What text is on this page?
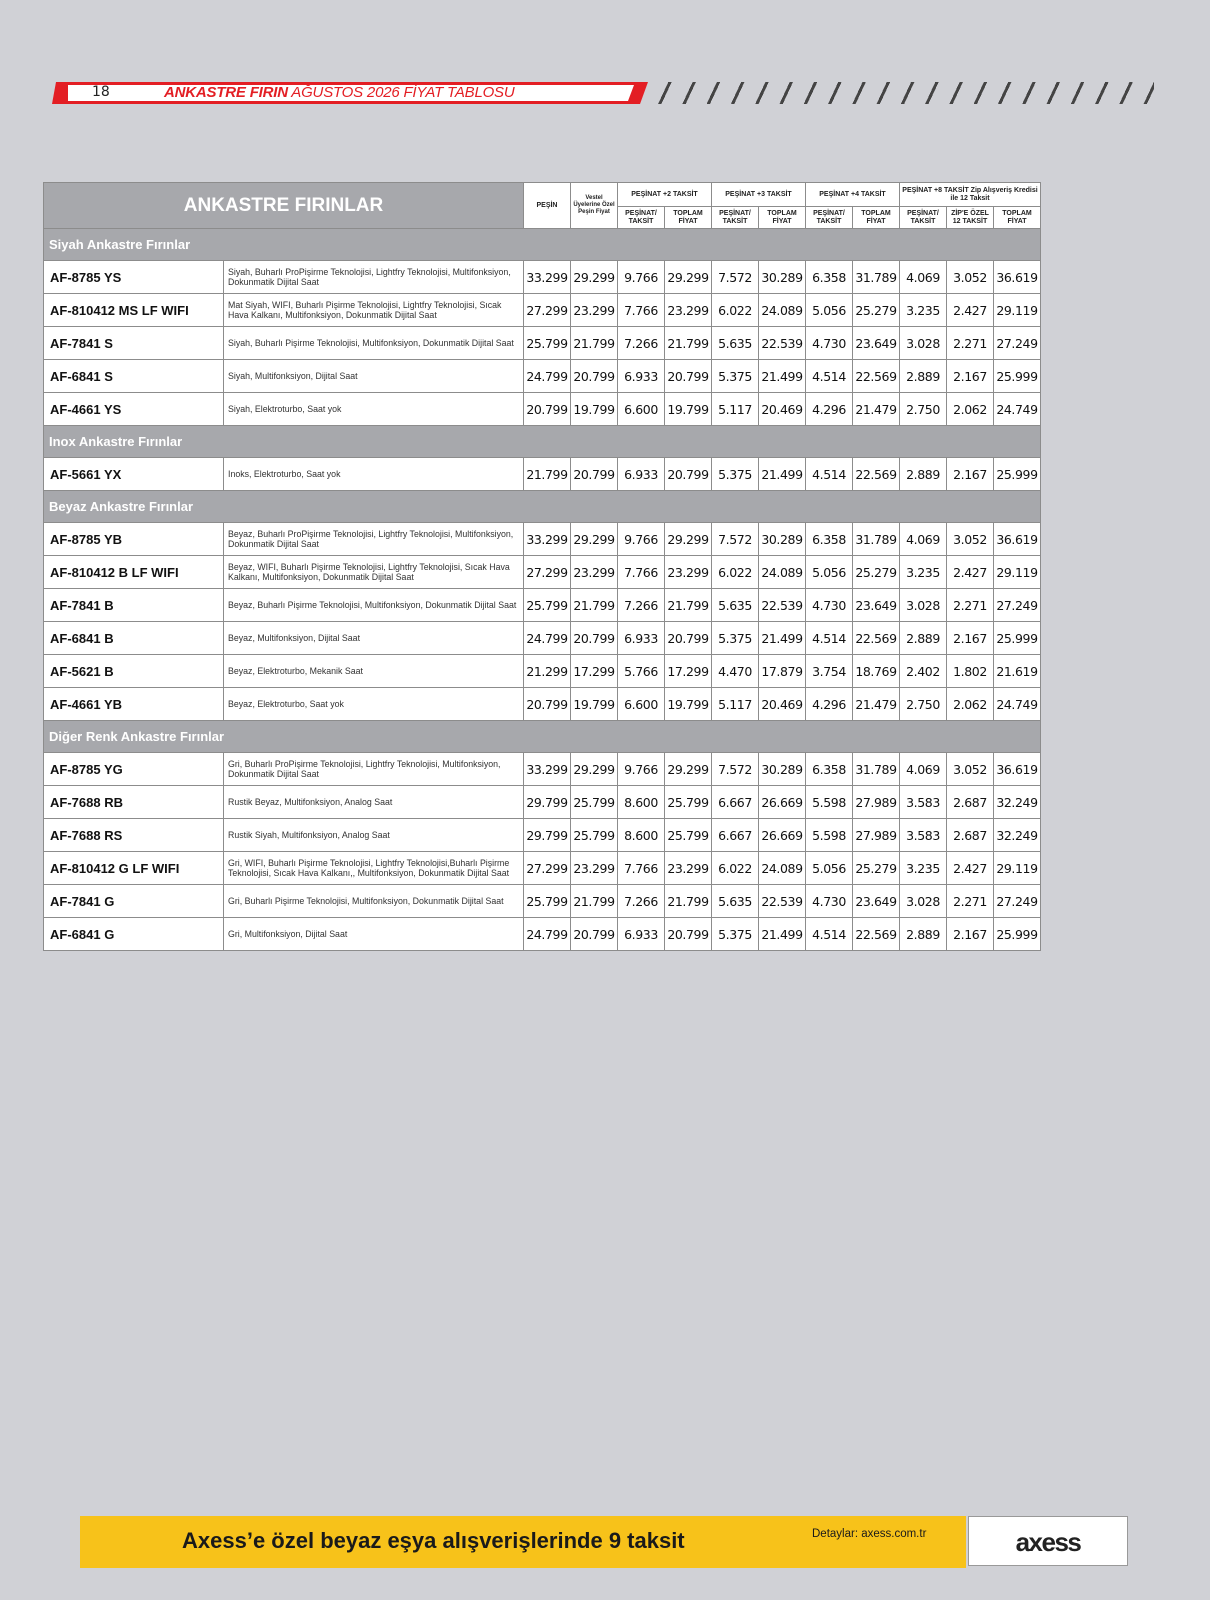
18	ANKASTRE FIRIN AĞUSTOS 2026 FİYAT TABLOSU
ANKASTRE FIRINLAR		PEŞİN	Vestel Üyelerine Özel Peşin Fiyat	PEŞİNAT +2 TAKSİT		PEŞİNAT +3 TAKSİT		PEŞİNAT +4 TAKSİT		PEŞİNAT +8 TAKSİT Zip Alışveriş Kredisi ile 12 Taksit		
				PEŞİNAT/ TAKSİT	TOPLAM FİYAT	PEŞİNAT/ TAKSİT	TOPLAM FİYAT	PEŞİNAT/ TAKSİT	TOPLAM FİYAT	PEŞİNAT/ TAKSİT	ZİP'E ÖZEL 12 TAKSİT	TOPLAM FİYAT
Siyah Ankastre Fırınlar												
AF-8785 YS	Siyah, Buharlı ProPişirme Teknolojisi, Lightfry Teknolojisi, Multifonksiyon, Dokunmatik Dijital Saat	33.299	29.299	9.766	29.299	7.572	30.289	6.358	31.789	4.069	3.052	36.619
AF-810412 MS LF WIFI	Mat Siyah, WIFI, Buharlı Pişirme Teknolojisi, Lightfry Teknolojisi, Sıcak Hava Kalkanı, Multifonksiyon, Dokunmatik Dijital Saat	27.299	23.299	7.766	23.299	6.022	24.089	5.056	25.279	3.235	2.427	29.119
AF-7841 S	Siyah, Buharlı Pişirme Teknolojisi, Multifonksiyon, Dokunmatik Dijital Saat	25.799	21.799	7.266	21.799	5.635	22.539	4.730	23.649	3.028	2.271	27.249
AF-6841 S	Siyah, Multifonksiyon, Dijital Saat	24.799	20.799	6.933	20.799	5.375	21.499	4.514	22.569	2.889	2.167	25.999
AF-4661 YS	Siyah, Elektroturbo, Saat yok	20.799	19.799	6.600	19.799	5.117	20.469	4.296	21.479	2.750	2.062	24.749
Inox Ankastre Fırınlar												
AF-5661 YX	Inoks, Elektroturbo, Saat yok	21.799	20.799	6.933	20.799	5.375	21.499	4.514	22.569	2.889	2.167	25.999
Beyaz Ankastre Fırınlar												
AF-8785 YB	Beyaz, Buharlı ProPişirme Teknolojisi, Lightfry Teknolojisi, Multifonksiyon, Dokunmatik Dijital Saat	33.299	29.299	9.766	29.299	7.572	30.289	6.358	31.789	4.069	3.052	36.619
AF-810412 B LF WIFI	Beyaz, WIFI, Buharlı Pişirme Teknolojisi, Lightfry Teknolojisi, Sıcak Hava Kalkanı, Multifonksiyon, Dokunmatik Dijital Saat	27.299	23.299	7.766	23.299	6.022	24.089	5.056	25.279	3.235	2.427	29.119
AF-7841 B	Beyaz, Buharlı Pişirme Teknolojisi, Multifonksiyon, Dokunmatik Dijital Saat	25.799	21.799	7.266	21.799	5.635	22.539	4.730	23.649	3.028	2.271	27.249
AF-6841 B	Beyaz, Multifonksiyon, Dijital Saat	24.799	20.799	6.933	20.799	5.375	21.499	4.514	22.569	2.889	2.167	25.999
AF-5621 B	Beyaz, Elektroturbo, Mekanik Saat	21.299	17.299	5.766	17.299	4.470	17.879	3.754	18.769	2.402	1.802	21.619
AF-4661 YB	Beyaz, Elektroturbo, Saat yok	20.799	19.799	6.600	19.799	5.117	20.469	4.296	21.479	2.750	2.062	24.749
Diğer Renk Ankastre Fırınlar												
AF-8785 YG	Gri, Buharlı ProPişirme Teknolojisi, Lightfry Teknolojisi, Multifonksiyon, Dokunmatik Dijital Saat	33.299	29.299	9.766	29.299	7.572	30.289	6.358	31.789	4.069	3.052	36.619
AF-7688 RB	Rustik Beyaz, Multifonksiyon, Analog Saat	29.799	25.799	8.600	25.799	6.667	26.669	5.598	27.989	3.583	2.687	32.249
AF-7688 RS	Rustik Siyah, Multifonksiyon, Analog Saat	29.799	25.799	8.600	25.799	6.667	26.669	5.598	27.989	3.583	2.687	32.249
AF-810412 G LF WIFI	Gri, WIFI, Buharlı Pişirme Teknolojisi, Lightfry Teknolojisi,Buharlı Pişirme Teknolojisi, Sıcak Hava Kalkanı,, Multifonksiyon, Dokunmatik Dijital Saat	27.299	23.299	7.766	23.299	6.022	24.089	5.056	25.279	3.235	2.427	29.119
AF-7841 G	Gri, Buharlı Pişirme Teknolojisi, Multifonksiyon, Dokunmatik Dijital Saat	25.799	21.799	7.266	21.799	5.635	22.539	4.730	23.649	3.028	2.271	27.249
AF-6841 G	Gri, Multifonksiyon, Dijital Saat	24.799	20.799	6.933	20.799	5.375	21.499	4.514	22.569	2.889	2.167	25.999
Axess’e özel beyaz eşya alışverişlerinde 9 taksit	Detaylar: axess.com.tr	axess
